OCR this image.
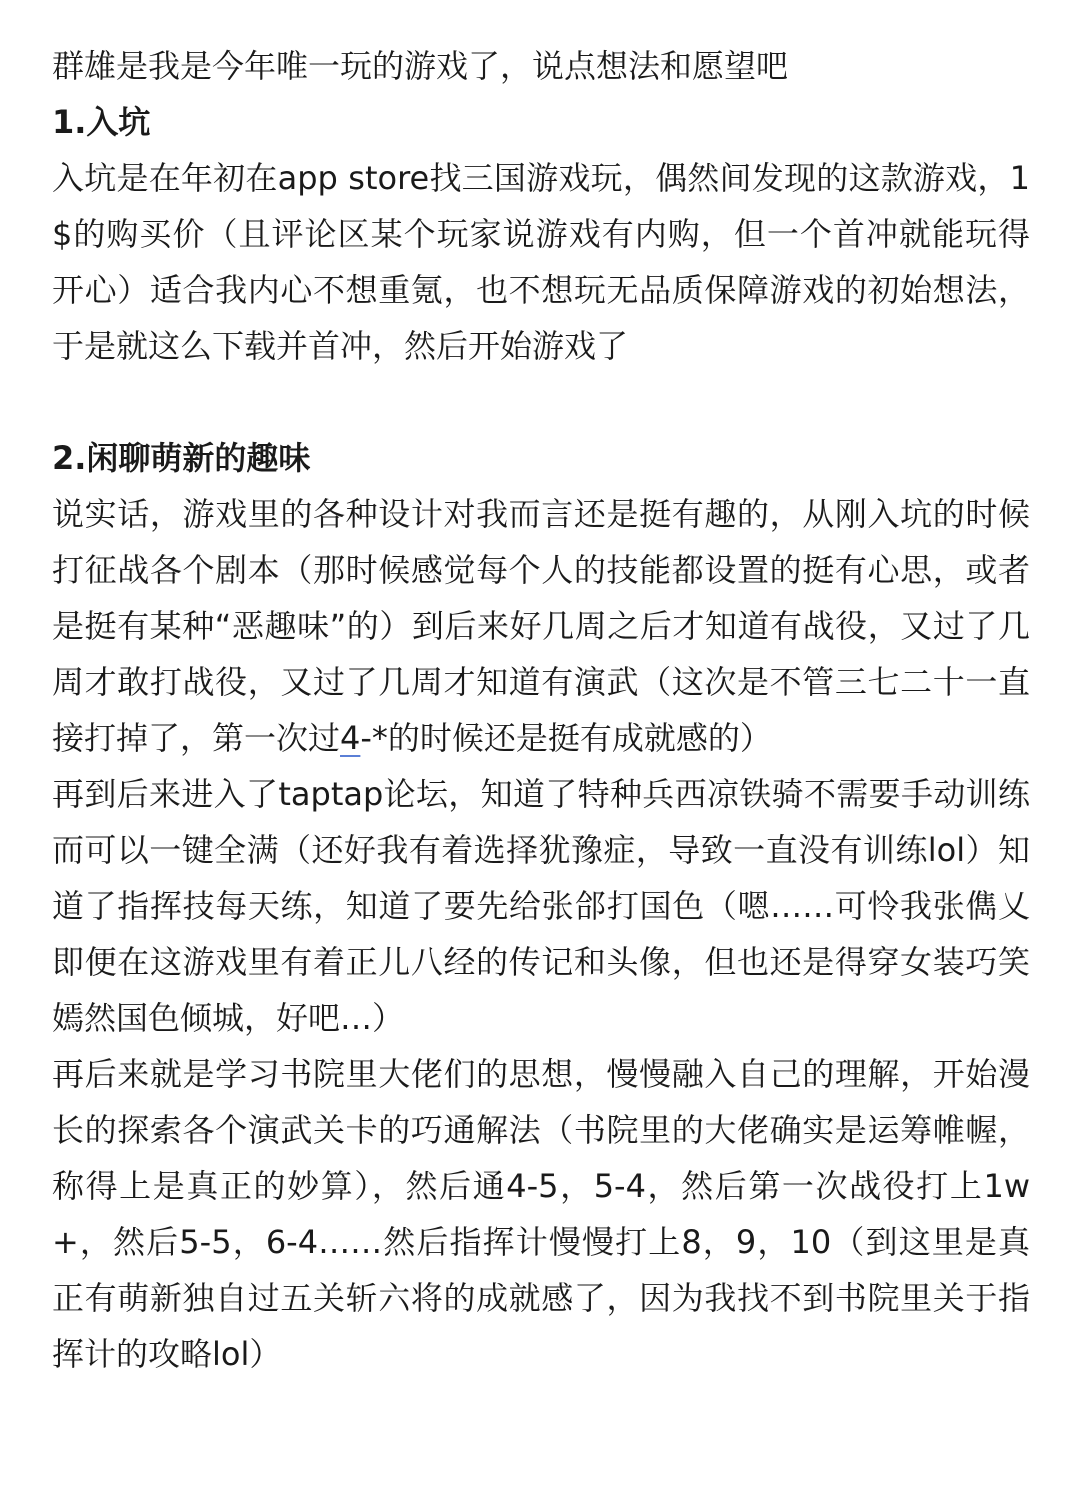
群雄是我是今年唯一玩的游戏了，说点想法和愿望吧

1.入坑

入坑是在年初在app store找三国游戏玩，偶然间发现的这款游戏，1$的购买价（且评论区某个玩家说游戏有内购，但一个首冲就能玩得开心）适合我内心不想重氪，也不想玩无品质保障游戏的初始想法，于是就这么下载并首冲，然后开始游戏了

2.闲聊萌新的趣味

说实话，游戏里的各种设计对我而言还是挺有趣的，从刚入坑的时候打征战各个剧本（那时候感觉每个人的技能都设置的挺有心思，或者是挺有某种“恶趣味”的）到后来好几周之后才知道有战役，又过了几周才敢打战役，又过了几周才知道有演武（这次是不管三七二十一直接打掉了，第一次过4-*的时候还是挺有成就感的）

再到后来进入了taptap论坛，知道了特种兵西凉铁骑不需要手动训练而可以一键全满（还好我有着选择犹豫症，导致一直没有训练lol）知道了指挥技每天练，知道了要先给张郃打国色（嗯……可怜我张儁乂即便在这游戏里有着正儿八经的传记和头像，但也还是得穿女装巧笑嫣然国色倾城，好吧…）

再后来就是学习书院里大佬们的思想，慢慢融入自己的理解，开始漫长的探索各个演武关卡的巧通解法（书院里的大佬确实是运筹帷幄，称得上是真正的妙算），然后通4-5，5-4，然后第一次战役打上1w+，然后5-5，6-4……然后指挥计慢慢打上8，9，10（到这里是真正有萌新独自过五关斩六将的成就感了，因为我找不到书院里关于指挥计的攻略lol）
